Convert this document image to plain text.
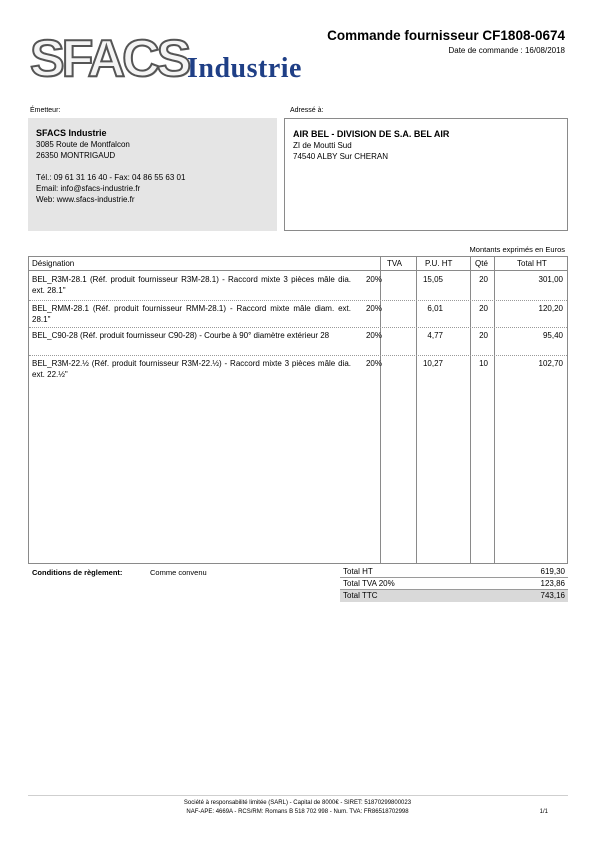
SFACS
Industrie
Commande fournisseur CF1808-0674
Date de commande : 16/08/2018
Émetteur:
SFACS Industrie
3085 Route de Montfalcon
26350 MONTRIGAUD
Tél.: 09 61 31 16 40 - Fax: 04 86 55 63 01
Email: info@sfacs-industrie.fr
Web: www.sfacs-industrie.fr
Adressé à:
AIR BEL - DIVISION DE S.A. BEL AIR
ZI de Moutti Sud
74540 ALBY Sur CHERAN
Montants exprimés en Euros
Désignation	TVA	P.U. HT	Qté	Total HT
BEL_R3M-28.1 (Réf. produit fournisseur R3M-28.1) - Raccord mixte 3 pièces mâle dia. ext. 28.1"
20%	15,05	20	301,00
BEL_RMM-28.1 (Réf. produit fournisseur RMM-28.1) - Raccord mixte mâle diam. ext. 28.1"
20%	6,01	20	120,20
BEL_C90-28 (Réf. produit fournisseur C90-28) - Courbe à 90° diamètre extérieur 28	20%	4,77	20	95,40
BEL_R3M-22.½ (Réf. produit fournisseur R3M-22.½) - Raccord mixte 3 pièces mâle dia. ext. 22.½"
20%	10,27	10	102,70
Conditions de règlement:	Comme convenu	Total HT	619,30
Total TVA 20%	123,86
Total TTC	743,16
Société à responsabilité limitée (SARL) - Capital de 8000€ - SIRET: 51870299800023
NAF-APE: 4669A - RCS/RM: Romans B 518 702 998 - Num. TVA: FR86518702998	1/1
